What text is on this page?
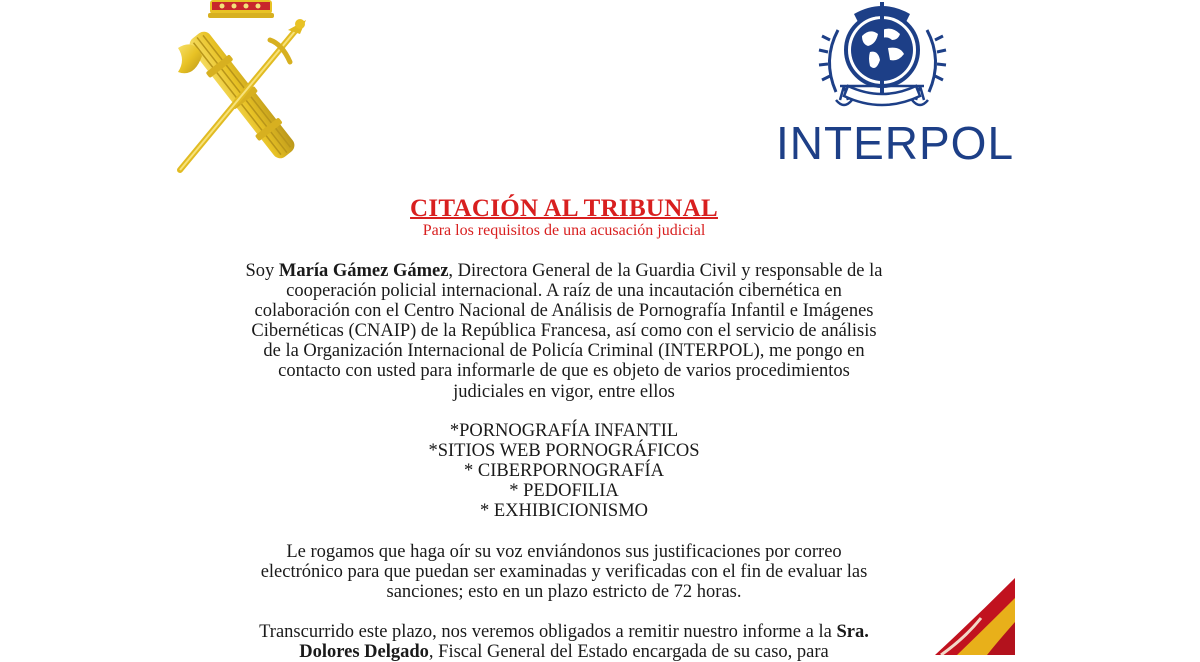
INTERPOL
CITACIÓN AL TRIBUNAL
Para los requisitos de una acusación judicial
Soy María Gámez Gámez, Directora General de la Guardia Civil y responsable de la cooperación policial internacional. A raíz de una incautación cibernética en colaboración con el Centro Nacional de Análisis de Pornografía Infantil e Imágenes Cibernéticas (CNAIP) de la República Francesa, así como con el servicio de análisis de la Organización Internacional de Policía Criminal (INTERPOL), me pongo en contacto con usted para informarle de que es objeto de varios procedimientos judiciales en vigor, entre ellos
*PORNOGRAFÍA INFANTIL
*SITIOS WEB PORNOGRÁFICOS
* CIBERPORNOGRAFÍA
* PEDOFILIA
* EXHIBICIONISMO
Le rogamos que haga oír su voz enviándonos sus justificaciones por correo electrónico para que puedan ser examinadas y verificadas con el fin de evaluar las sanciones; esto en un plazo estricto de 72 horas.
Transcurrido este plazo, nos veremos obligados a remitir nuestro informe a la Sra. Dolores Delgado, Fiscal General del Estado encargada de su caso, para
